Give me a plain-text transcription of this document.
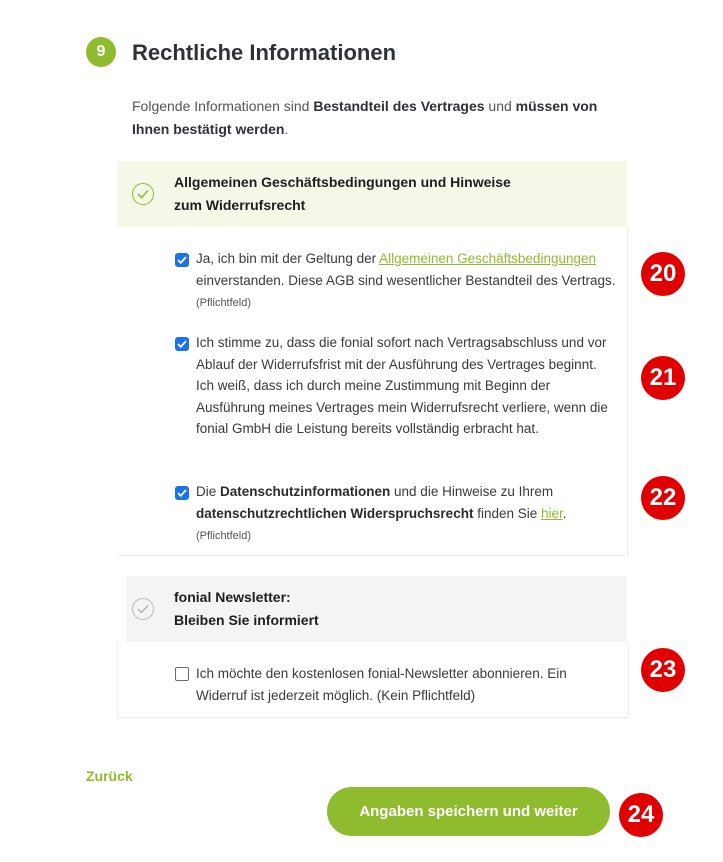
9	Rechtliche Informationen
Folgende Informationen sind Bestandteil des Vertrages und müssen von Ihnen bestätigt werden.
Allgemeinen Geschäftsbedingungen und Hinweise
zum Widerrufsrecht
Ja, ich bin mit der Geltung der Allgemeinen Geschäftsbedingungen einverstanden. Diese AGB sind wesentlicher Bestandteil des Vertrags. (Pflichtfeld)
20
Ich stimme zu, dass die fonial sofort nach Vertragsabschluss und vor Ablauf der Widerrufsfrist mit der Ausführung des Vertrages beginnt. Ich weiß, dass ich durch meine Zustimmung mit Beginn der Ausführung meines Vertrages mein Widerrufsrecht verliere, wenn die fonial GmbH die Leistung bereits vollständig erbracht hat.
21
Die Datenschutzinformationen und die Hinweise zu Ihrem datenschutzrechtlichen Widerspruchsrecht finden Sie hier.
(Pflichtfeld)
22
fonial Newsletter:
Bleiben Sie informiert
Ich möchte den kostenlosen fonial-Newsletter abonnieren. Ein Widerruf ist jederzeit möglich. (Kein Pflichtfeld)
23
Zurück
Angaben speichern und weiter	24
